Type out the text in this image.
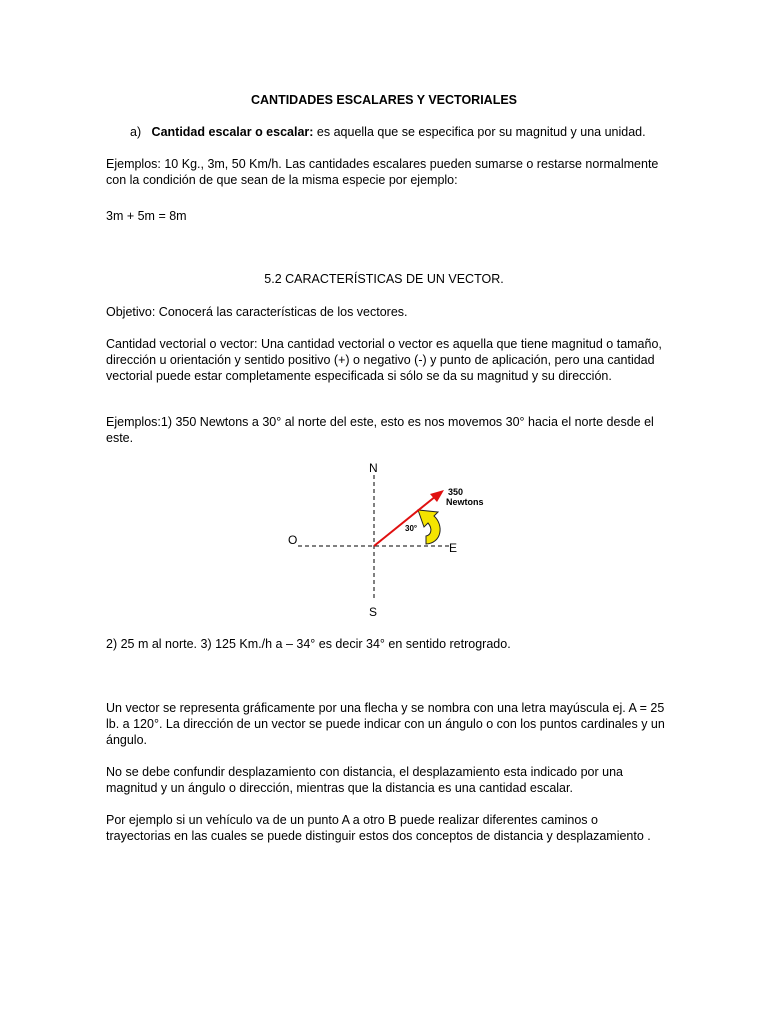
CANTIDADES ESCALARES Y VECTORIALES
a) Cantidad escalar o escalar: es aquella que se especifica por su magnitud y una unidad.
Ejemplos: 10 Kg., 3m, 50 Km/h. Las cantidades escalares pueden sumarse o restarse normalmente con la condición de que sean de la misma especie por ejemplo:
3m + 5m = 8m
5.2 CARACTERÍSTICAS DE UN VECTOR.
Objetivo: Conocerá las características de los vectores.
Cantidad vectorial o vector: Una cantidad vectorial o vector es aquella que tiene magnitud o tamaño, dirección u orientación y sentido positivo (+) o negativo (-) y punto de aplicación, pero una cantidad vectorial puede estar completamente especificada si sólo se da su magnitud y su dirección.
Ejemplos:1) 350 Newtons a 30° al norte del este, esto es nos movemos 30° hacia el norte desde el este.
N
S
E
O
30°
350
Newtons
2) 25 m al norte. 3) 125 Km./h a – 34° es decir 34° en sentido retrogrado.
Un vector se representa gráficamente por una flecha y se nombra con una letra mayúscula ej. A = 25 lb. a 120°. La dirección de un vector se puede indicar con un ángulo o con los puntos cardinales y un ángulo.
No se debe confundir desplazamiento con distancia, el desplazamiento esta indicado por una magnitud y un ángulo o dirección, mientras que la distancia es una cantidad escalar.
Por ejemplo si un vehículo va de un punto A a otro B puede realizar diferentes caminos o trayectorias en las cuales se puede distinguir estos dos conceptos de distancia y desplazamiento .
